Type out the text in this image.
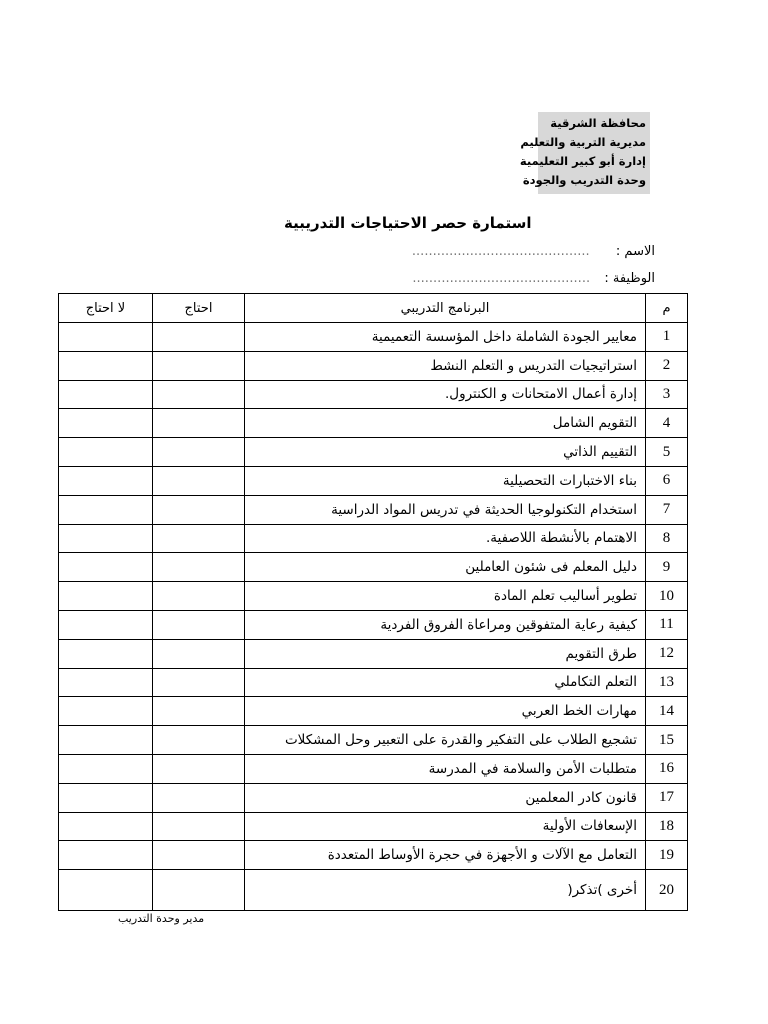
محافظة الشرقية
مديرية التربية والتعليم
إدارة أبو كبير التعليمية
وحدة التدريب والجودة
استمارة حصر الاحتياجات التدريبية
الاسم :  ...........................................
الوظيفة :  ...........................................
م	البرنامج التدريبي	احتاج	لا احتاج
1	معايير الجودة الشاملة داخل المؤسسة التعميمية		
2	استراتيجيات التدريس و التعلم النشط		
3	إدارة أعمال الامتحانات و الكنترول.		
4	التقويم الشامل		
5	التقييم الذاتي		
6	بناء الاختبارات التحصيلية		
7	استخدام التكنولوجيا الحديثة في تدريس المواد الدراسية		
8	الاهتمام بالأنشطة اللاصفية.		
9	دليل المعلم فى شئون العاملين		
10	تطوير أساليب تعلم المادة		
11	كيفية رعاية المتفوقين ومراعاة الفروق الفردية		
12	طرق التقويم		
13	التعلم التكاملي		
14	مهارات الخط العربي		
15	تشجيع الطلاب على التفكير والقدرة على التعبير وحل المشكلات		
16	متطلبات الأمن والسلامة في المدرسة		
17	قانون كادر المعلمين		
18	الإسعافات الأولية		
19	التعامل مع الآلات و الأجهزة في حجرة الأوساط المتعددة		
20	أخرى )تذكر(		
مدير وحدة التدريب
